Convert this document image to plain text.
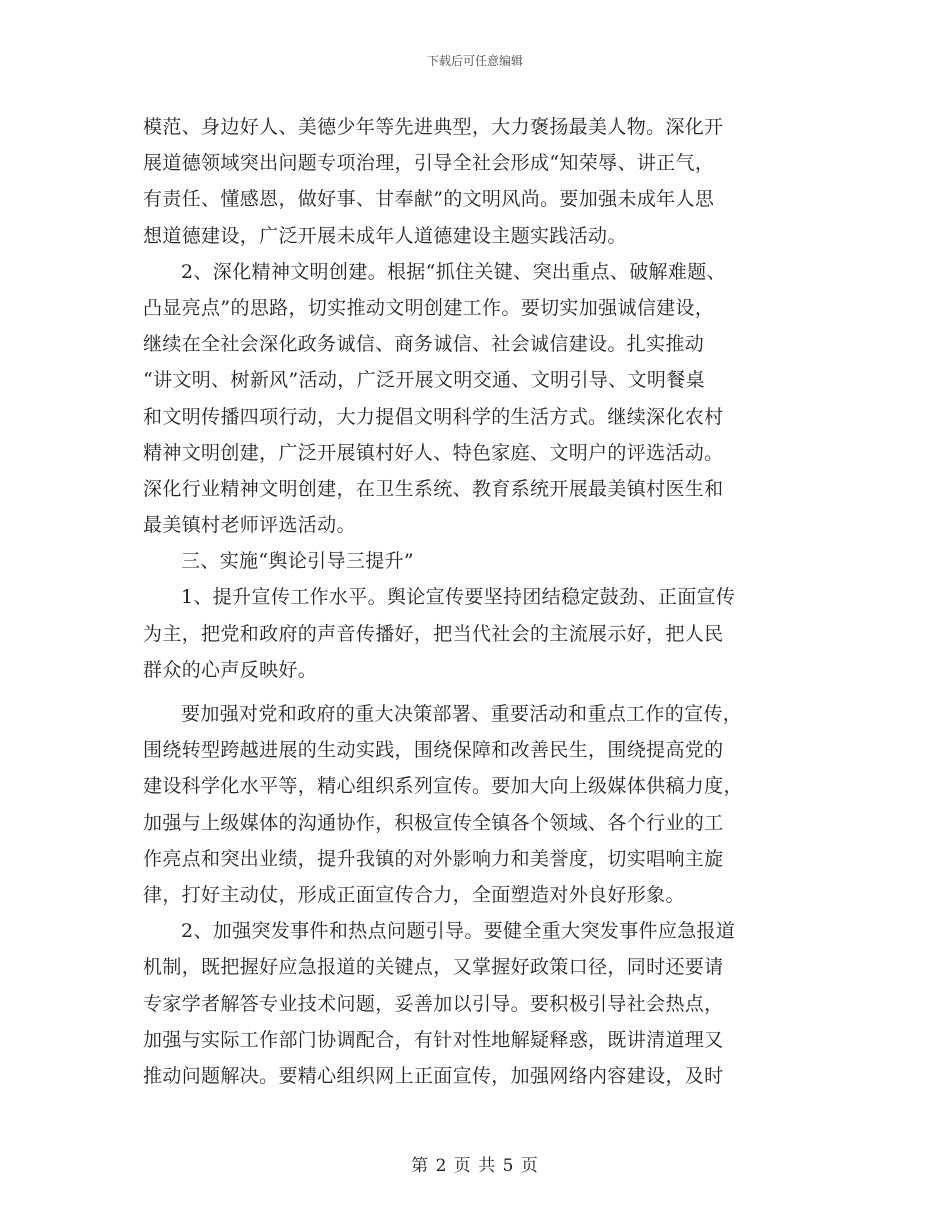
下载后可任意编辑
模范、身边好人、美德少年等先进典型，大力褒扬最美人物。深化开
展道德领域突出问题专项治理，引导全社会形成“知荣辱、讲正气，
有责任、懂感恩，做好事、甘奉献”的文明风尚。要加强未成年人思
想道德建设，广泛开展未成年人道德建设主题实践活动。
2、深化精神文明创建。根据“抓住关键、突出重点、破解难题、
凸显亮点”的思路，切实推动文明创建工作。要切实加强诚信建设，
继续在全社会深化政务诚信、商务诚信、社会诚信建设。扎实推动
“讲文明、树新风”活动，广泛开展文明交通、文明引导、文明餐桌
和文明传播四项行动，大力提倡文明科学的生活方式。继续深化农村
精神文明创建，广泛开展镇村好人、特色家庭、文明户的评选活动。
深化行业精神文明创建，在卫生系统、教育系统开展最美镇村医生和
最美镇村老师评选活动。
三、实施“舆论引导三提升”
1、提升宣传工作水平。舆论宣传要坚持团结稳定鼓劲、正面宣传
为主，把党和政府的声音传播好，把当代社会的主流展示好，把人民
群众的心声反映好。
要加强对党和政府的重大决策部署、重要活动和重点工作的宣传，
围绕转型跨越进展的生动实践，围绕保障和改善民生，围绕提高党的
建设科学化水平等，精心组织系列宣传。要加大向上级媒体供稿力度，
加强与上级媒体的沟通协作，积极宣传全镇各个领域、各个行业的工
作亮点和突出业绩，提升我镇的对外影响力和美誉度，切实唱响主旋
律，打好主动仗，形成正面宣传合力，全面塑造对外良好形象。
2、加强突发事件和热点问题引导。要健全重大突发事件应急报道
机制，既把握好应急报道的关键点，又掌握好政策口径，同时还要请
专家学者解答专业技术问题，妥善加以引导。要积极引导社会热点，
加强与实际工作部门协调配合，有针对性地解疑释惑，既讲清道理又
推动问题解决。要精心组织网上正面宣传，加强网络内容建设，及时
第 2 页 共 5 页
